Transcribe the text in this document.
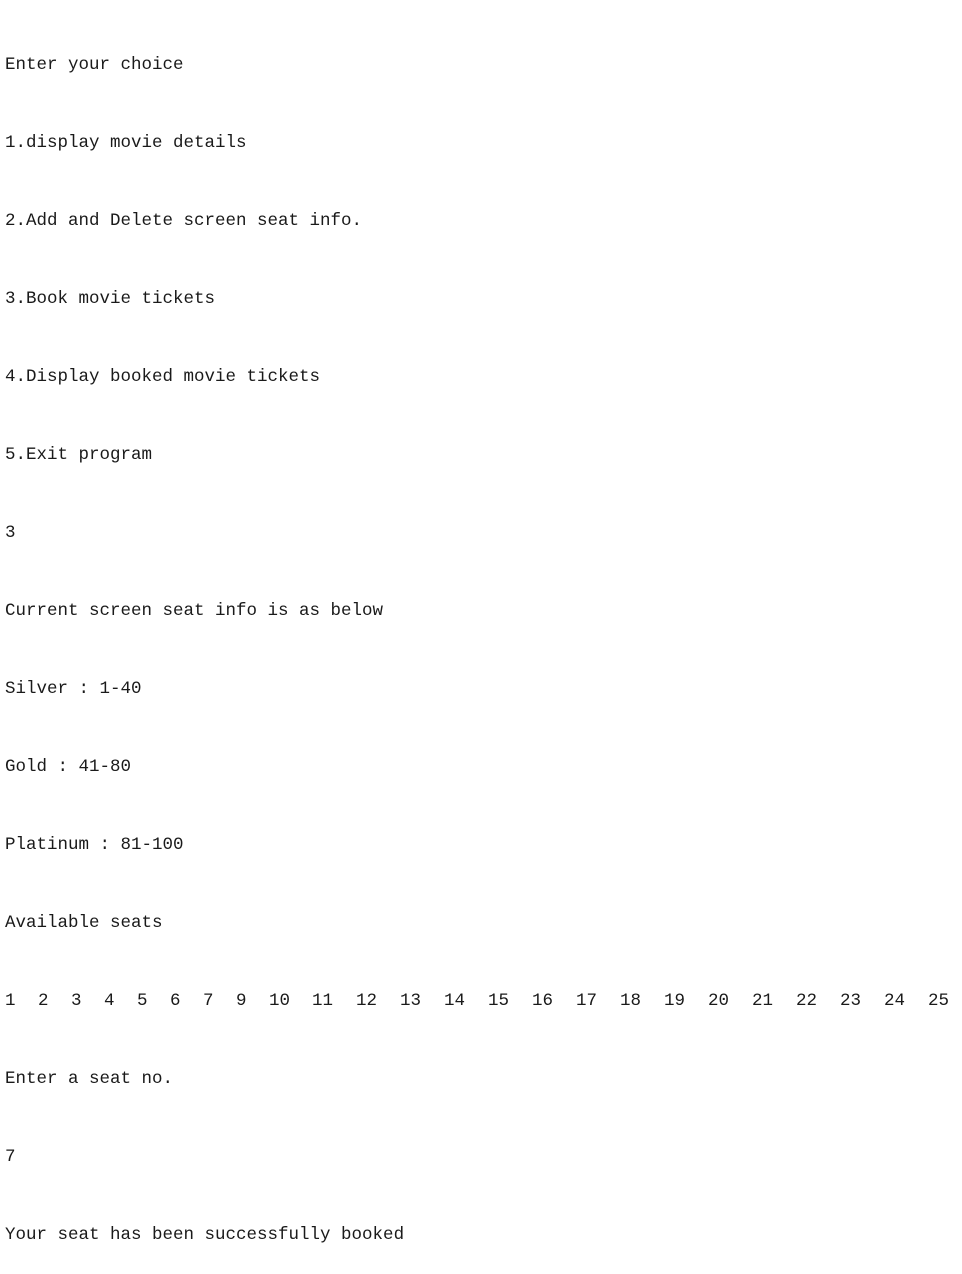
Enter your choice

1.display movie details

2.Add and Delete screen seat info.

3.Book movie tickets

4.Display booked movie tickets

5.Exit program

3

Current screen seat info is as below

Silver : 1-40

Gold : 41-80

Platinum : 81-100

Available seats

1 2 3 4 5 6 7 9 10 11 12 13 14 15 16 17 18 19 20 21 22 23 24 25

Enter a seat no.

7

Your seat has been successfully booked
